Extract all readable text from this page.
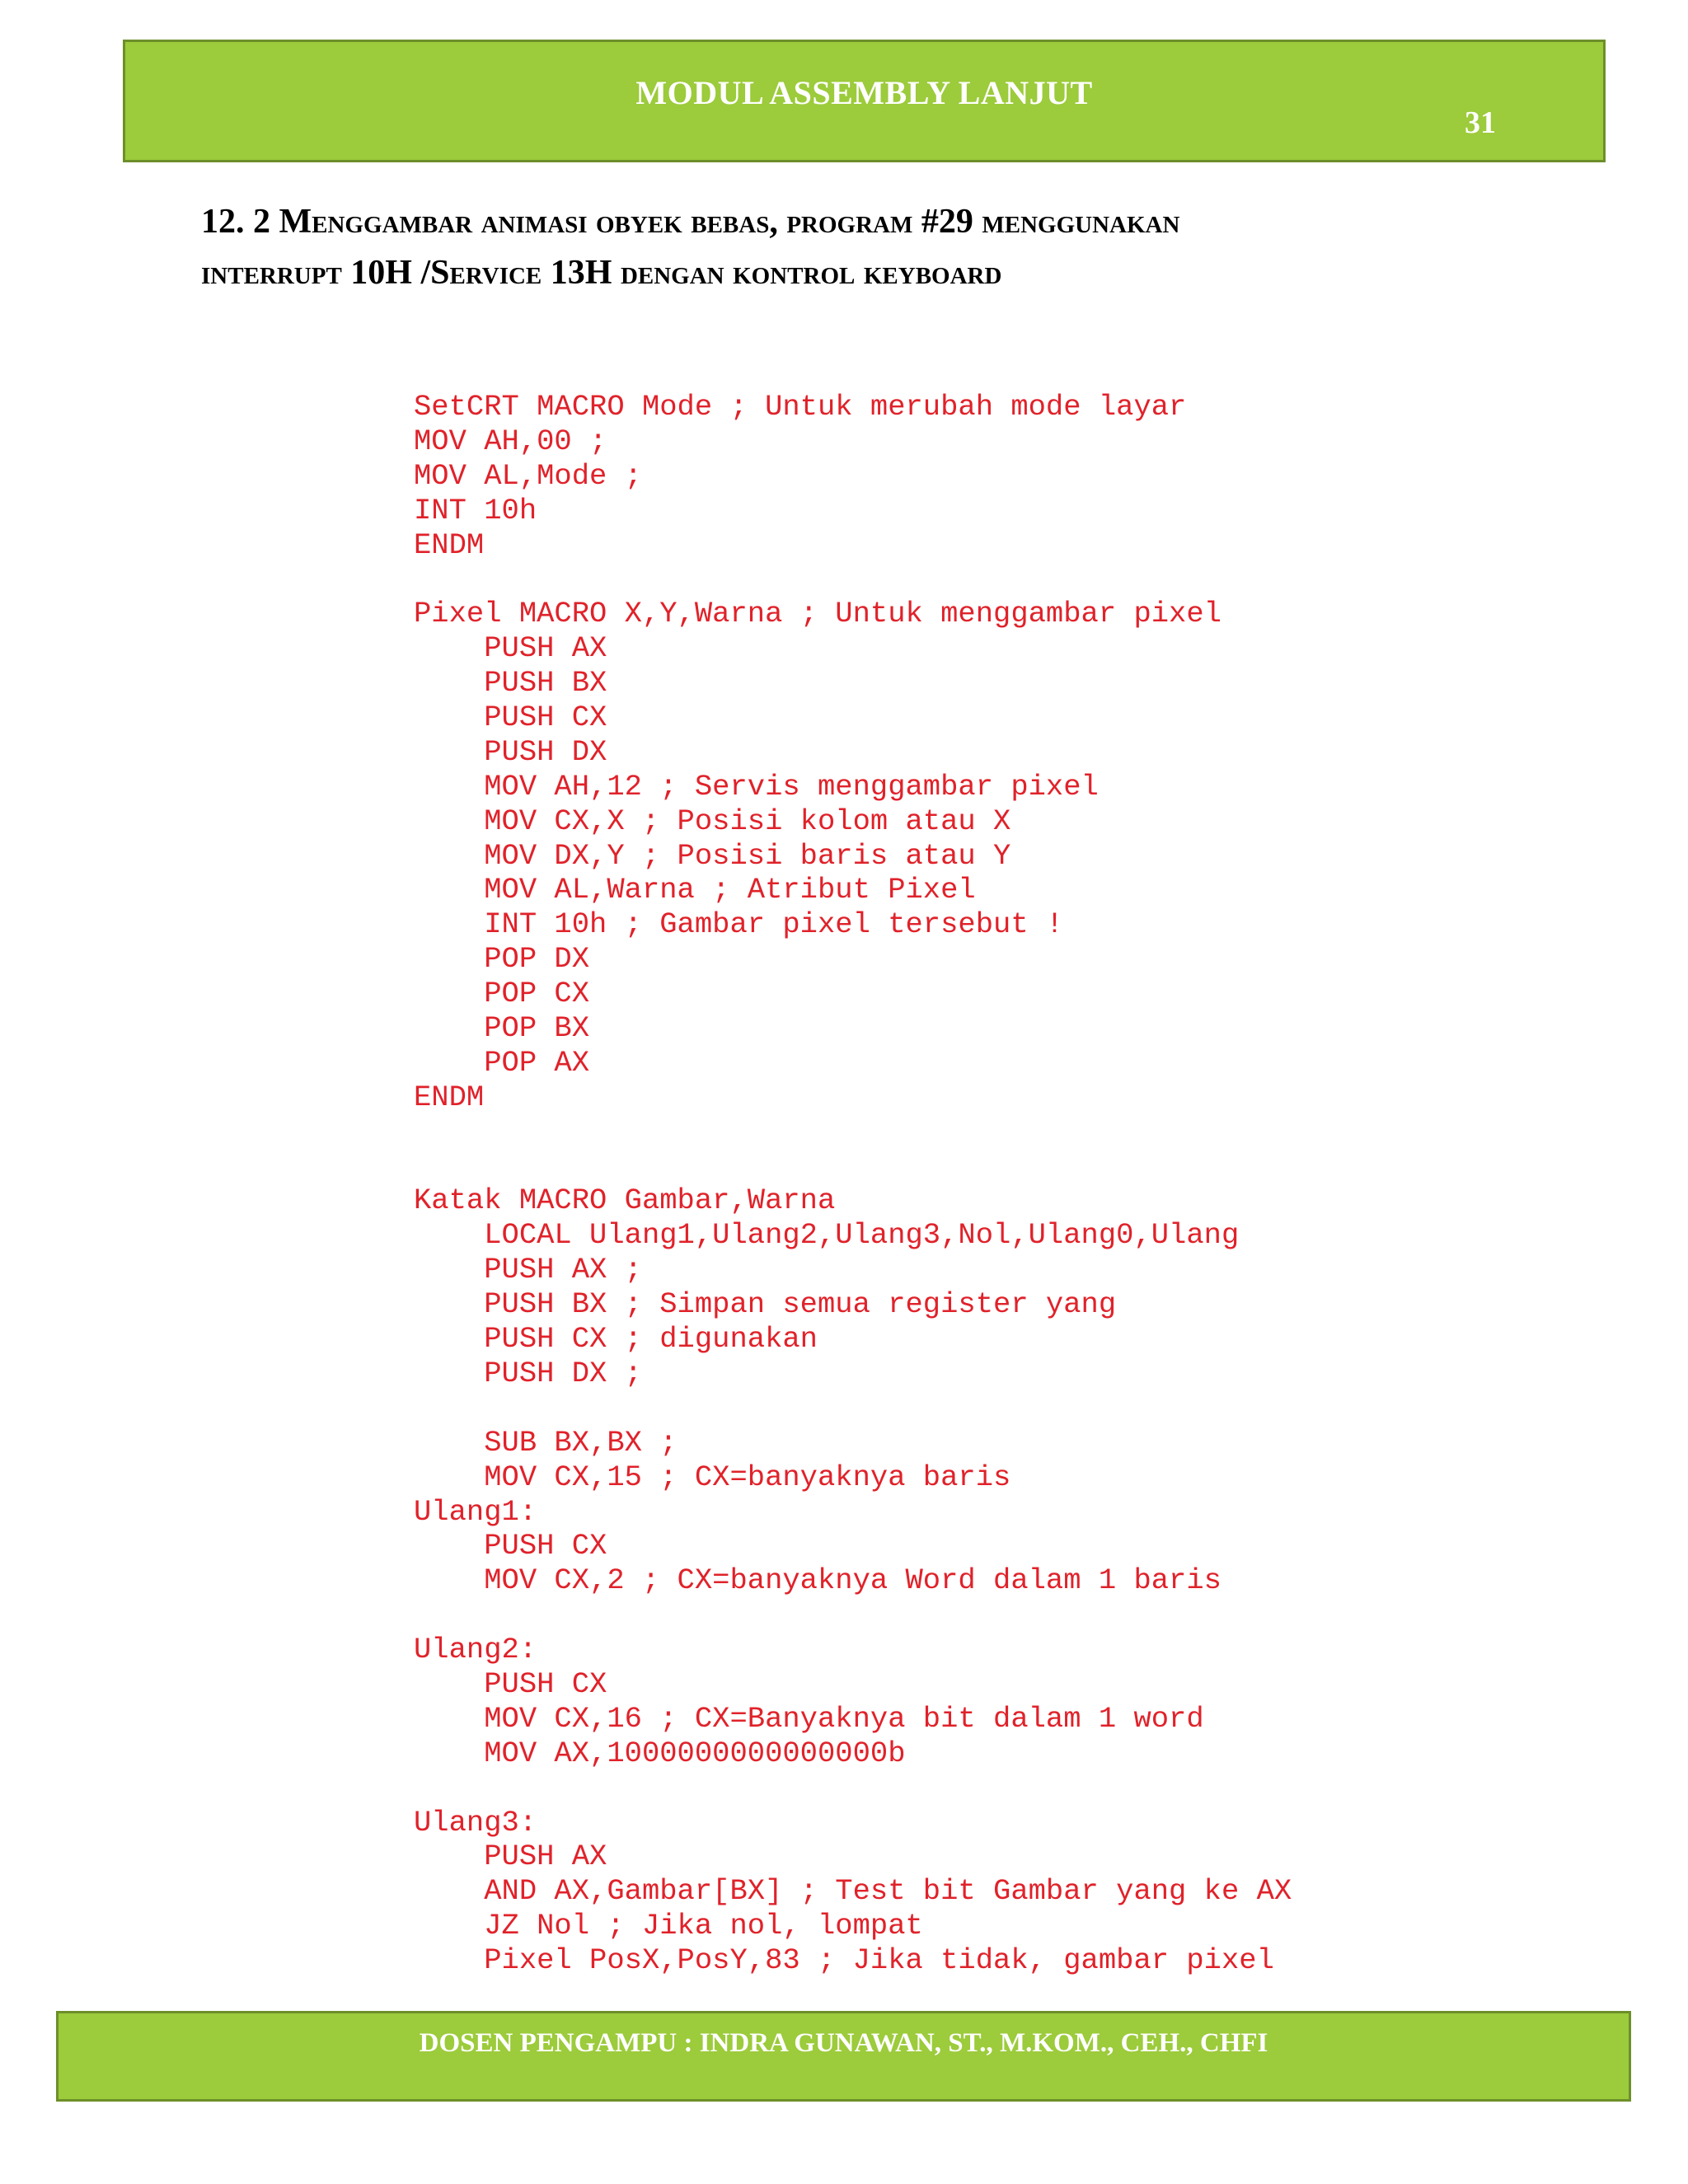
MODUL ASSEMBLY LANJUT
31
12. 2 Menggambar animasi obyek bebas, program #29 menggunakan
interrupt 10H /Service 13H dengan kontrol keyboard
SetCRT MACRO Mode ; Untuk merubah mode layar
MOV AH,00 ;
MOV AL,Mode ;
INT 10h
ENDM
Pixel MACRO X,Y,Warna ; Untuk menggambar pixel
PUSH AX
PUSH BX
PUSH CX
PUSH DX
MOV AH,12 ; Servis menggambar pixel
MOV CX,X ; Posisi kolom atau X
MOV DX,Y ; Posisi baris atau Y
MOV AL,Warna ; Atribut Pixel
INT 10h ; Gambar pixel tersebut !
POP DX
POP CX
POP BX
POP AX
ENDM
Katak MACRO Gambar,Warna
LOCAL Ulang1,Ulang2,Ulang3,Nol,Ulang0,Ulang
PUSH AX ;
PUSH BX ; Simpan semua register yang
PUSH CX ; digunakan
PUSH DX ;
SUB BX,BX ;
MOV CX,15 ; CX=banyaknya baris
Ulang1:
PUSH CX
MOV CX,2 ; CX=banyaknya Word dalam 1 baris
Ulang2:
PUSH CX
MOV CX,16 ; CX=Banyaknya bit dalam 1 word
MOV AX,1000000000000000b
Ulang3:
PUSH AX
AND AX,Gambar[BX] ; Test bit Gambar yang ke AX
JZ Nol ; Jika nol, lompat
Pixel PosX,PosY,83 ; Jika tidak, gambar pixel
DOSEN PENGAMPU : INDRA GUNAWAN, ST., M.KOM., CEH., CHFI
